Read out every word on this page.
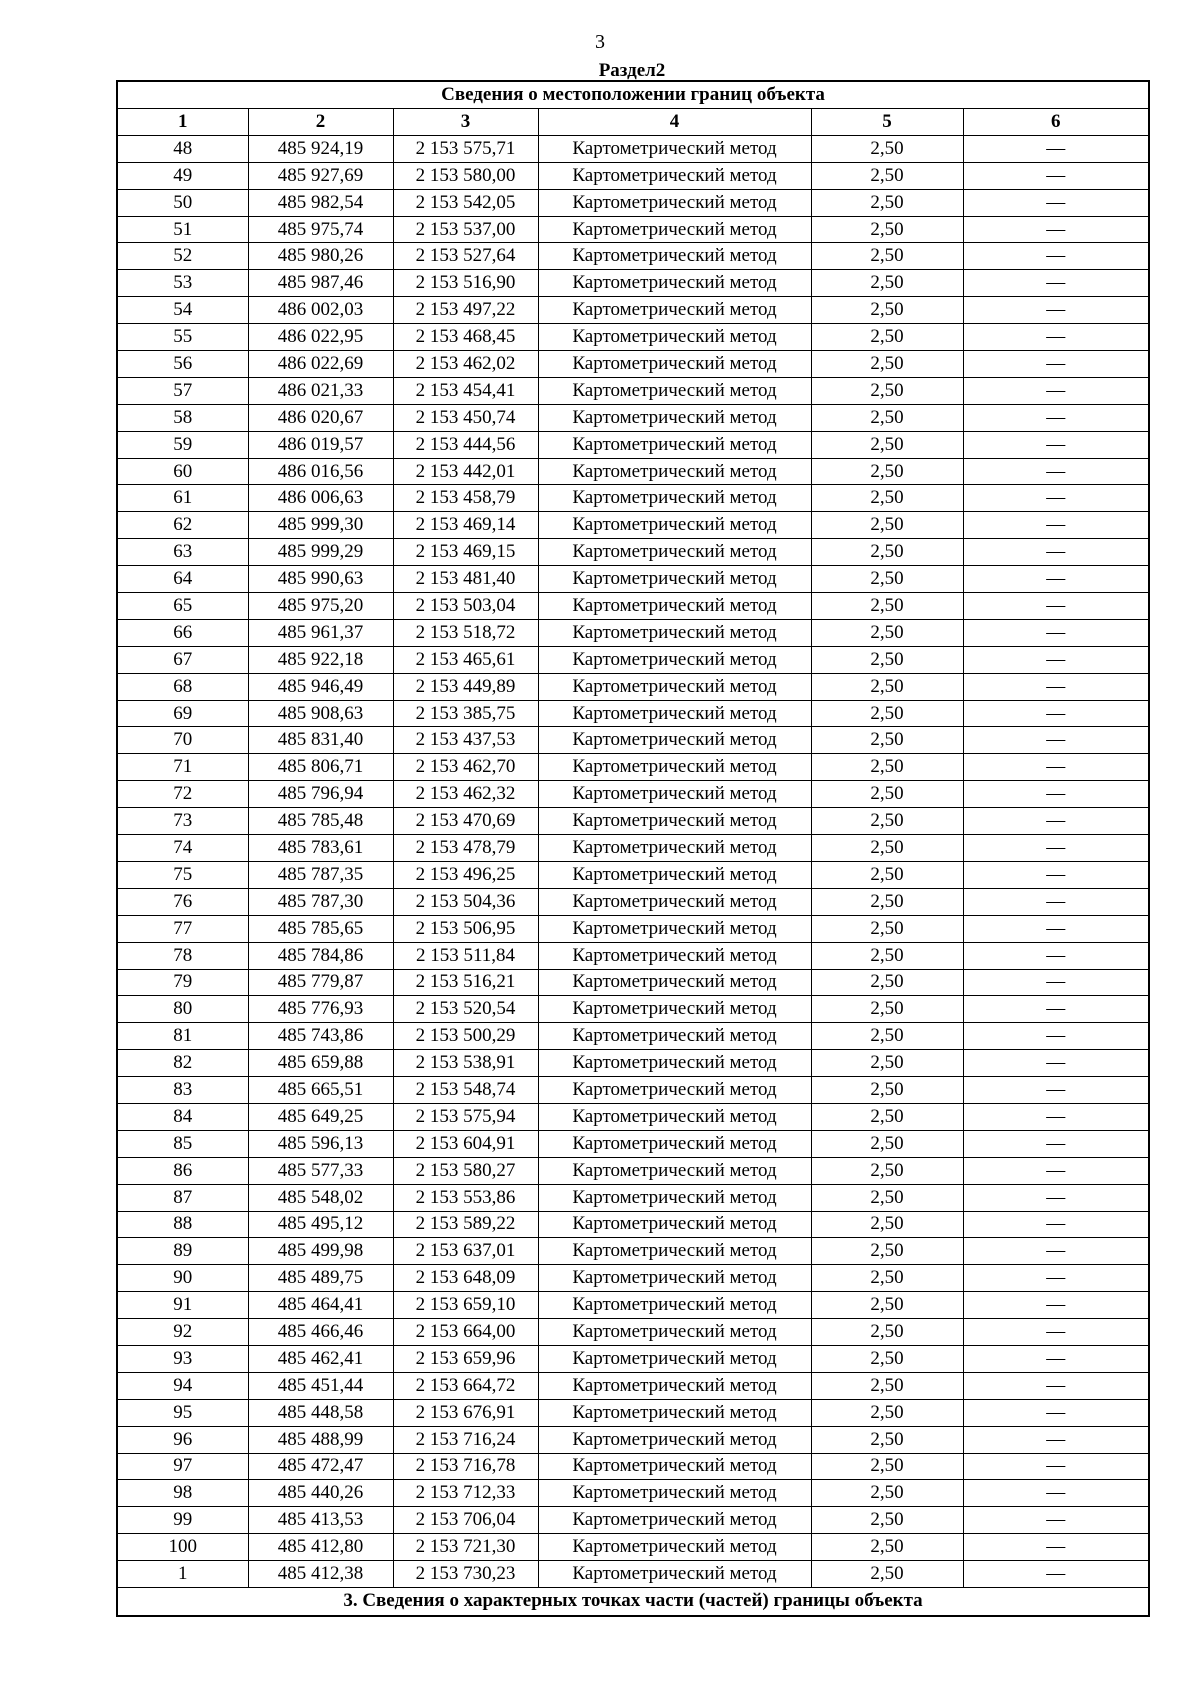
3
Раздел2
Сведения о местоположении границ объекта					
1	2	3	4	5	6
48	485 924,19	2 153 575,71	Картометрический метод	2,50	—
49	485 927,69	2 153 580,00	Картометрический метод	2,50	—
50	485 982,54	2 153 542,05	Картометрический метод	2,50	—
51	485 975,74	2 153 537,00	Картометрический метод	2,50	—
52	485 980,26	2 153 527,64	Картометрический метод	2,50	—
53	485 987,46	2 153 516,90	Картометрический метод	2,50	—
54	486 002,03	2 153 497,22	Картометрический метод	2,50	—
55	486 022,95	2 153 468,45	Картометрический метод	2,50	—
56	486 022,69	2 153 462,02	Картометрический метод	2,50	—
57	486 021,33	2 153 454,41	Картометрический метод	2,50	—
58	486 020,67	2 153 450,74	Картометрический метод	2,50	—
59	486 019,57	2 153 444,56	Картометрический метод	2,50	—
60	486 016,56	2 153 442,01	Картометрический метод	2,50	—
61	486 006,63	2 153 458,79	Картометрический метод	2,50	—
62	485 999,30	2 153 469,14	Картометрический метод	2,50	—
63	485 999,29	2 153 469,15	Картометрический метод	2,50	—
64	485 990,63	2 153 481,40	Картометрический метод	2,50	—
65	485 975,20	2 153 503,04	Картометрический метод	2,50	—
66	485 961,37	2 153 518,72	Картометрический метод	2,50	—
67	485 922,18	2 153 465,61	Картометрический метод	2,50	—
68	485 946,49	2 153 449,89	Картометрический метод	2,50	—
69	485 908,63	2 153 385,75	Картометрический метод	2,50	—
70	485 831,40	2 153 437,53	Картометрический метод	2,50	—
71	485 806,71	2 153 462,70	Картометрический метод	2,50	—
72	485 796,94	2 153 462,32	Картометрический метод	2,50	—
73	485 785,48	2 153 470,69	Картометрический метод	2,50	—
74	485 783,61	2 153 478,79	Картометрический метод	2,50	—
75	485 787,35	2 153 496,25	Картометрический метод	2,50	—
76	485 787,30	2 153 504,36	Картометрический метод	2,50	—
77	485 785,65	2 153 506,95	Картометрический метод	2,50	—
78	485 784,86	2 153 511,84	Картометрический метод	2,50	—
79	485 779,87	2 153 516,21	Картометрический метод	2,50	—
80	485 776,93	2 153 520,54	Картометрический метод	2,50	—
81	485 743,86	2 153 500,29	Картометрический метод	2,50	—
82	485 659,88	2 153 538,91	Картометрический метод	2,50	—
83	485 665,51	2 153 548,74	Картометрический метод	2,50	—
84	485 649,25	2 153 575,94	Картометрический метод	2,50	—
85	485 596,13	2 153 604,91	Картометрический метод	2,50	—
86	485 577,33	2 153 580,27	Картометрический метод	2,50	—
87	485 548,02	2 153 553,86	Картометрический метод	2,50	—
88	485 495,12	2 153 589,22	Картометрический метод	2,50	—
89	485 499,98	2 153 637,01	Картометрический метод	2,50	—
90	485 489,75	2 153 648,09	Картометрический метод	2,50	—
91	485 464,41	2 153 659,10	Картометрический метод	2,50	—
92	485 466,46	2 153 664,00	Картометрический метод	2,50	—
93	485 462,41	2 153 659,96	Картометрический метод	2,50	—
94	485 451,44	2 153 664,72	Картометрический метод	2,50	—
95	485 448,58	2 153 676,91	Картометрический метод	2,50	—
96	485 488,99	2 153 716,24	Картометрический метод	2,50	—
97	485 472,47	2 153 716,78	Картометрический метод	2,50	—
98	485 440,26	2 153 712,33	Картометрический метод	2,50	—
99	485 413,53	2 153 706,04	Картометрический метод	2,50	—
100	485 412,80	2 153 721,30	Картометрический метод	2,50	—
1	485 412,38	2 153 730,23	Картометрический метод	2,50	—
3. Сведения о характерных точках части (частей) границы объекта					
